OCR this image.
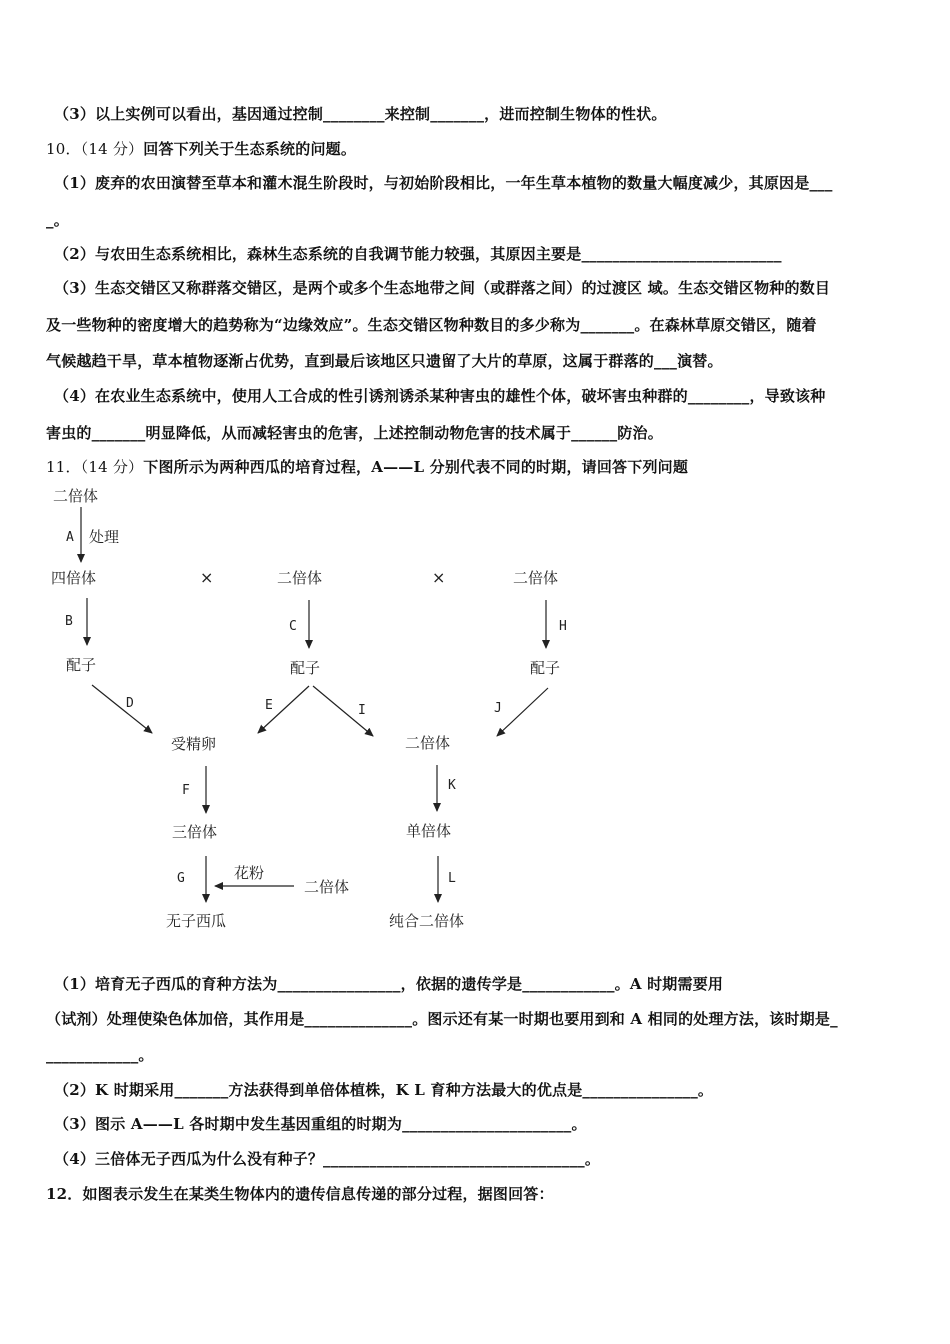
（3）以上实例可以看出，基因通过控制________来控制_______，进而控制生物体的性状。
10．（14 分）回答下列关于生态系统的问题。
（1）废弃的农田演替至草本和灌木混生阶段时，与初始阶段相比，一年生草本植物的数量大幅度减少，其原因是___
_。
（2）与农田生态系统相比，森林生态系统的自我调节能力较强，其原因主要是__________________________
（3）生态交错区又称群落交错区，是两个或多个生态地带之间（或群落之间）的过渡区 域。生态交错区物种的数目
及一些物种的密度增大的趋势称为“边缘效应”。生态交错区物种数目的多少称为_______。在森林草原交错区，随着
气候越趋干旱，草本植物逐渐占优势，直到最后该地区只遗留了大片的草原，这属于群落的___演替。
（4）在农业生态系统中，使用人工合成的性引诱剂诱杀某种害虫的雄性个体，破坏害虫种群的________，导致该种
害虫的_______明显降低，从而减轻害虫的危害，上述控制动物危害的技术属于______防治。
11．（14 分）下图所示为两种西瓜的培育过程，A——L 分别代表不同的时期，请回答下列问题
二倍体
A 处理
四倍体	×	二倍体	×	二倍体
B	C	H
配子	配子	配子
D	E	I	J
受精卵	二倍体
F	K
三倍体	单倍体
G	花粉
二倍体	L
无子西瓜	纯合二倍体
（1）培育无子西瓜的育种方法为________________，依据的遗传学是____________。A 时期需要用
（试剂）处理使染色体加倍，其作用是______________。图示还有某一时期也要用到和 A 相同的处理方法，该时期是_
____________。
（2）K 时期采用_______方法获得到单倍体植株，K L 育种方法最大的优点是_______________。
（3）图示 A——L 各时期中发生基因重组的时期为______________________。
（4）三倍体无子西瓜为什么没有种子？__________________________________。
12．如图表示发生在某类生物体内的遗传信息传递的部分过程，据图回答：
